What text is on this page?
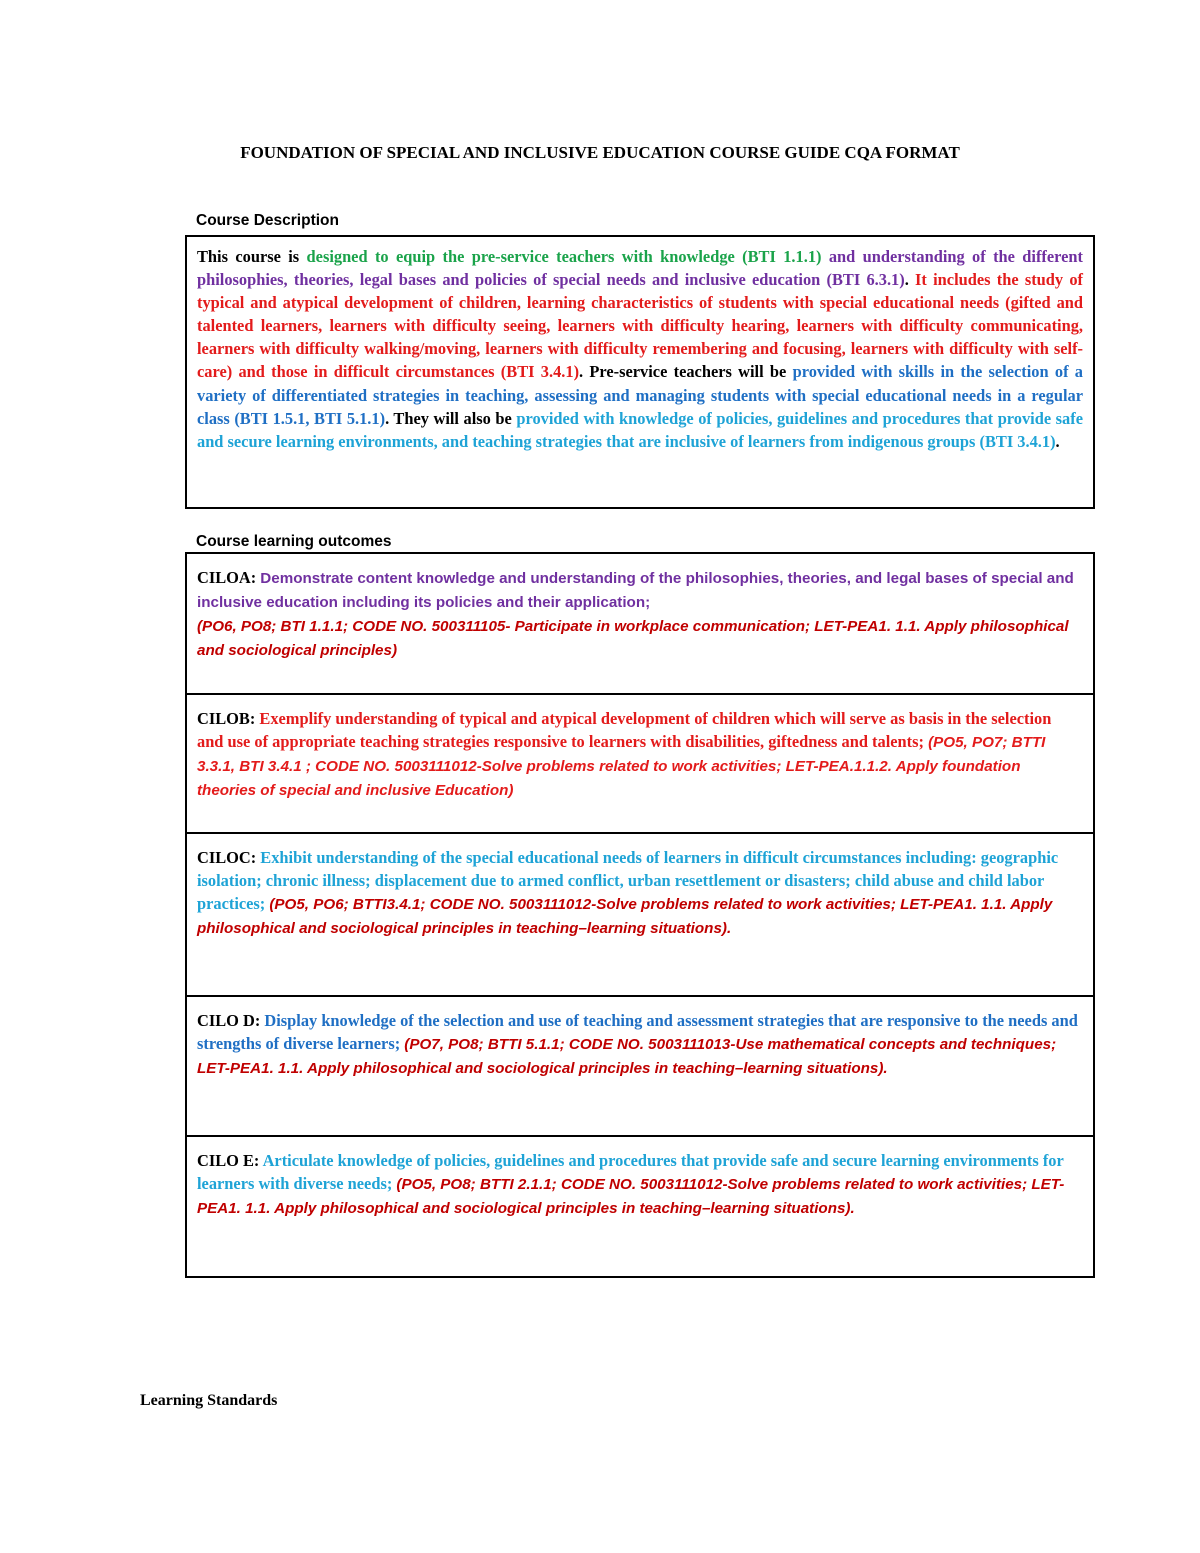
FOUNDATION OF SPECIAL AND INCLUSIVE EDUCATION COURSE GUIDE CQA FORMAT
Course Description

This course is designed to equip the pre-service teachers with knowledge (BTI 1.1.1) and understanding of the different philosophies, theories, legal bases and policies of special needs and inclusive education (BTI 6.3.1). It includes the study of typical and atypical development of children, learning characteristics of students with special educational needs (gifted and talented learners, learners with difficulty seeing, learners with difficulty hearing, learners with difficulty communicating, learners with difficulty walking/moving, learners with difficulty remembering and focusing, learners with difficulty with self-care) and those in difficult circumstances (BTI 3.4.1). Pre-service teachers will be provided with skills in the selection of a variety of differentiated strategies in teaching, assessing and managing students with special educational needs in a regular class (BTI 1.5.1, BTI 5.1.1). They will also be provided with knowledge of policies, guidelines and procedures that provide safe and secure learning environments, and teaching strategies that are inclusive of learners from indigenous groups (BTI 3.4.1).

Course learning outcomes

CILOA: Demonstrate content knowledge and understanding of the philosophies, theories, and legal bases of special and inclusive education including its policies and their application;
(PO6, PO8; BTI 1.1.1; CODE NO. 500311105- Participate in workplace communication; LET-PEA1. 1.1. Apply philosophical and sociological principles)

CILOB: Exemplify understanding of typical and atypical development of children which will serve as basis in the selection and use of appropriate teaching strategies responsive to learners with disabilities, giftedness and talents; (PO5, PO7; BTTI 3.3.1, BTI 3.4.1 ; CODE NO. 5003111012-Solve problems related to work activities; LET-PEA.1.1.2. Apply foundation theories of special and inclusive Education)

CILOC: Exhibit understanding of the special educational needs of learners in difficult circumstances including: geographic isolation; chronic illness; displacement due to armed conflict, urban resettlement or disasters; child abuse and child labor practices; (PO5, PO6; BTTI3.4.1; CODE NO. 5003111012-Solve problems related to work activities; LET-PEA1. 1.1. Apply philosophical and sociological principles in teaching–learning situations).

CILO D: Display knowledge of the selection and use of teaching and assessment strategies that are responsive to the needs and strengths of diverse learners; (PO7, PO8; BTTI 5.1.1; CODE NO. 5003111013-Use mathematical concepts and techniques; LET-PEA1. 1.1. Apply philosophical and sociological principles in teaching–learning situations).

CILO E: Articulate knowledge of policies, guidelines and procedures that provide safe and secure learning environments for learners with diverse needs; (PO5, PO8; BTTI 2.1.1; CODE NO. 5003111012-Solve problems related to work activities; LET-PEA1. 1.1. Apply philosophical and sociological principles in teaching–learning situations).

Learning Standards
